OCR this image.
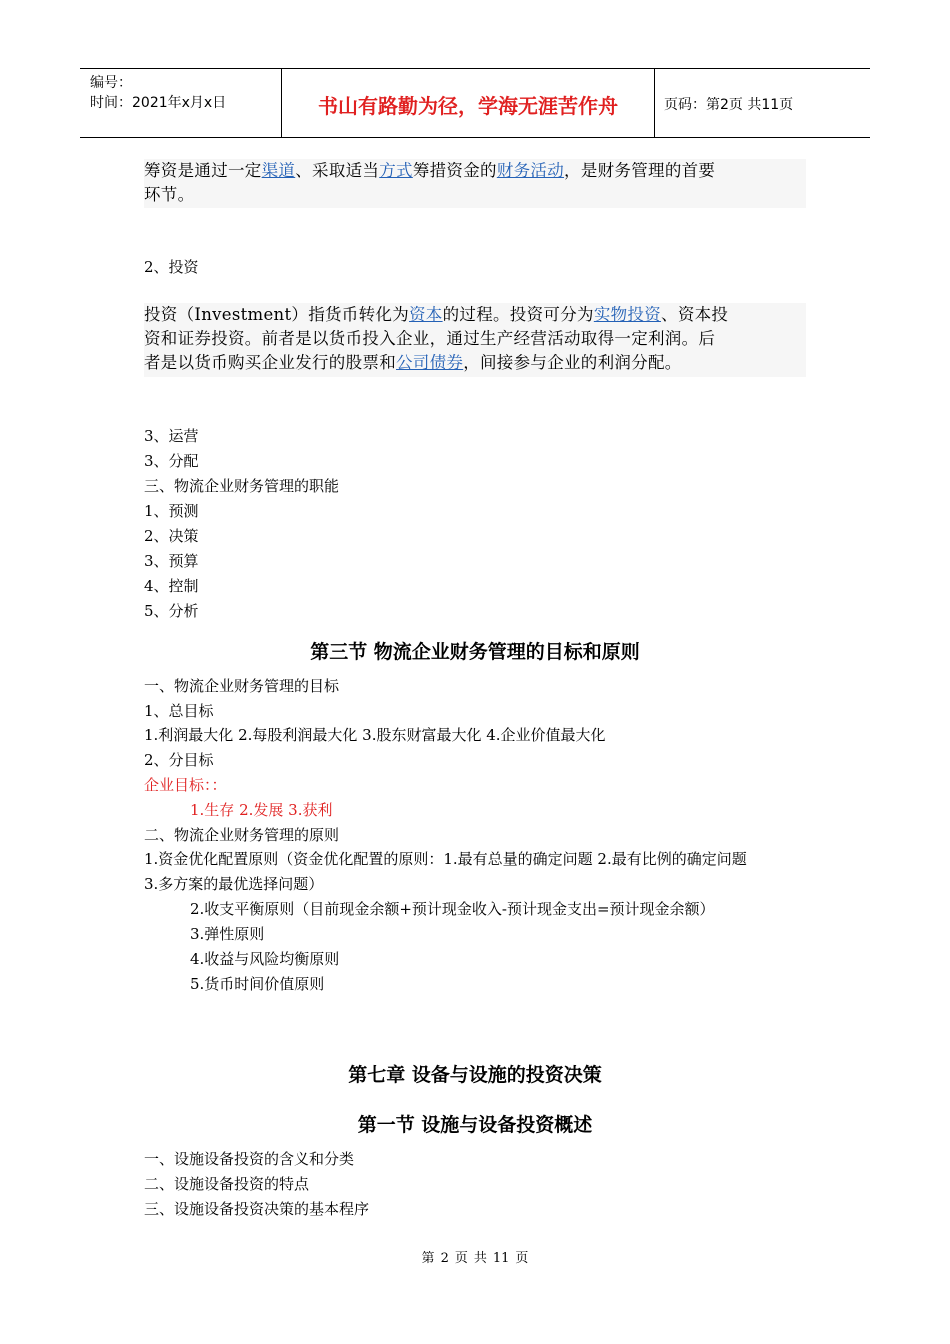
编号：
时间：2021年x月x日	书山有路勤为径，学海无涯苦作舟	页码：第2页 共11页

筹资是通过一定渠道、采取适当方式筹措资金的财务活动，是财务管理的首要

环节。

2、投资

投资（Investment）指货币转化为资本的过程。投资可分为实物投资、资本投

资和证券投资。前者是以货币投入企业，通过生产经营活动取得一定利润。后

者是以货币购买企业发行的股票和公司债券，间接参与企业的利润分配。

3、运营
3、分配
三、物流企业财务管理的职能
1、预测
2、决策
3、预算
4、控制
5、分析
第三节 物流企业财务管理的目标和原则
一、物流企业财务管理的目标
1、总目标
1.利润最大化 2.每股利润最大化 3.股东财富最大化 4.企业价值最大化
2、分目标
企业目标：：
1.生存 2.发展 3.获利
二、物流企业财务管理的原则
1.资金优化配置原则（资金优化配置的原则：1.最有总量的确定问题 2.最有比例的确定问题
3.多方案的最优选择问题）
2.收支平衡原则（目前现金余额+预计现金收入-预计现金支出=预计现金余额）
3.弹性原则
4.收益与风险均衡原则
5.货币时间价值原则
第七章 设备与设施的投资决策
第一节 设施与设备投资概述
一、设施设备投资的含义和分类
二、设施设备投资的特点
三、设施设备投资决策的基本程序
第 2 页 共 11 页
